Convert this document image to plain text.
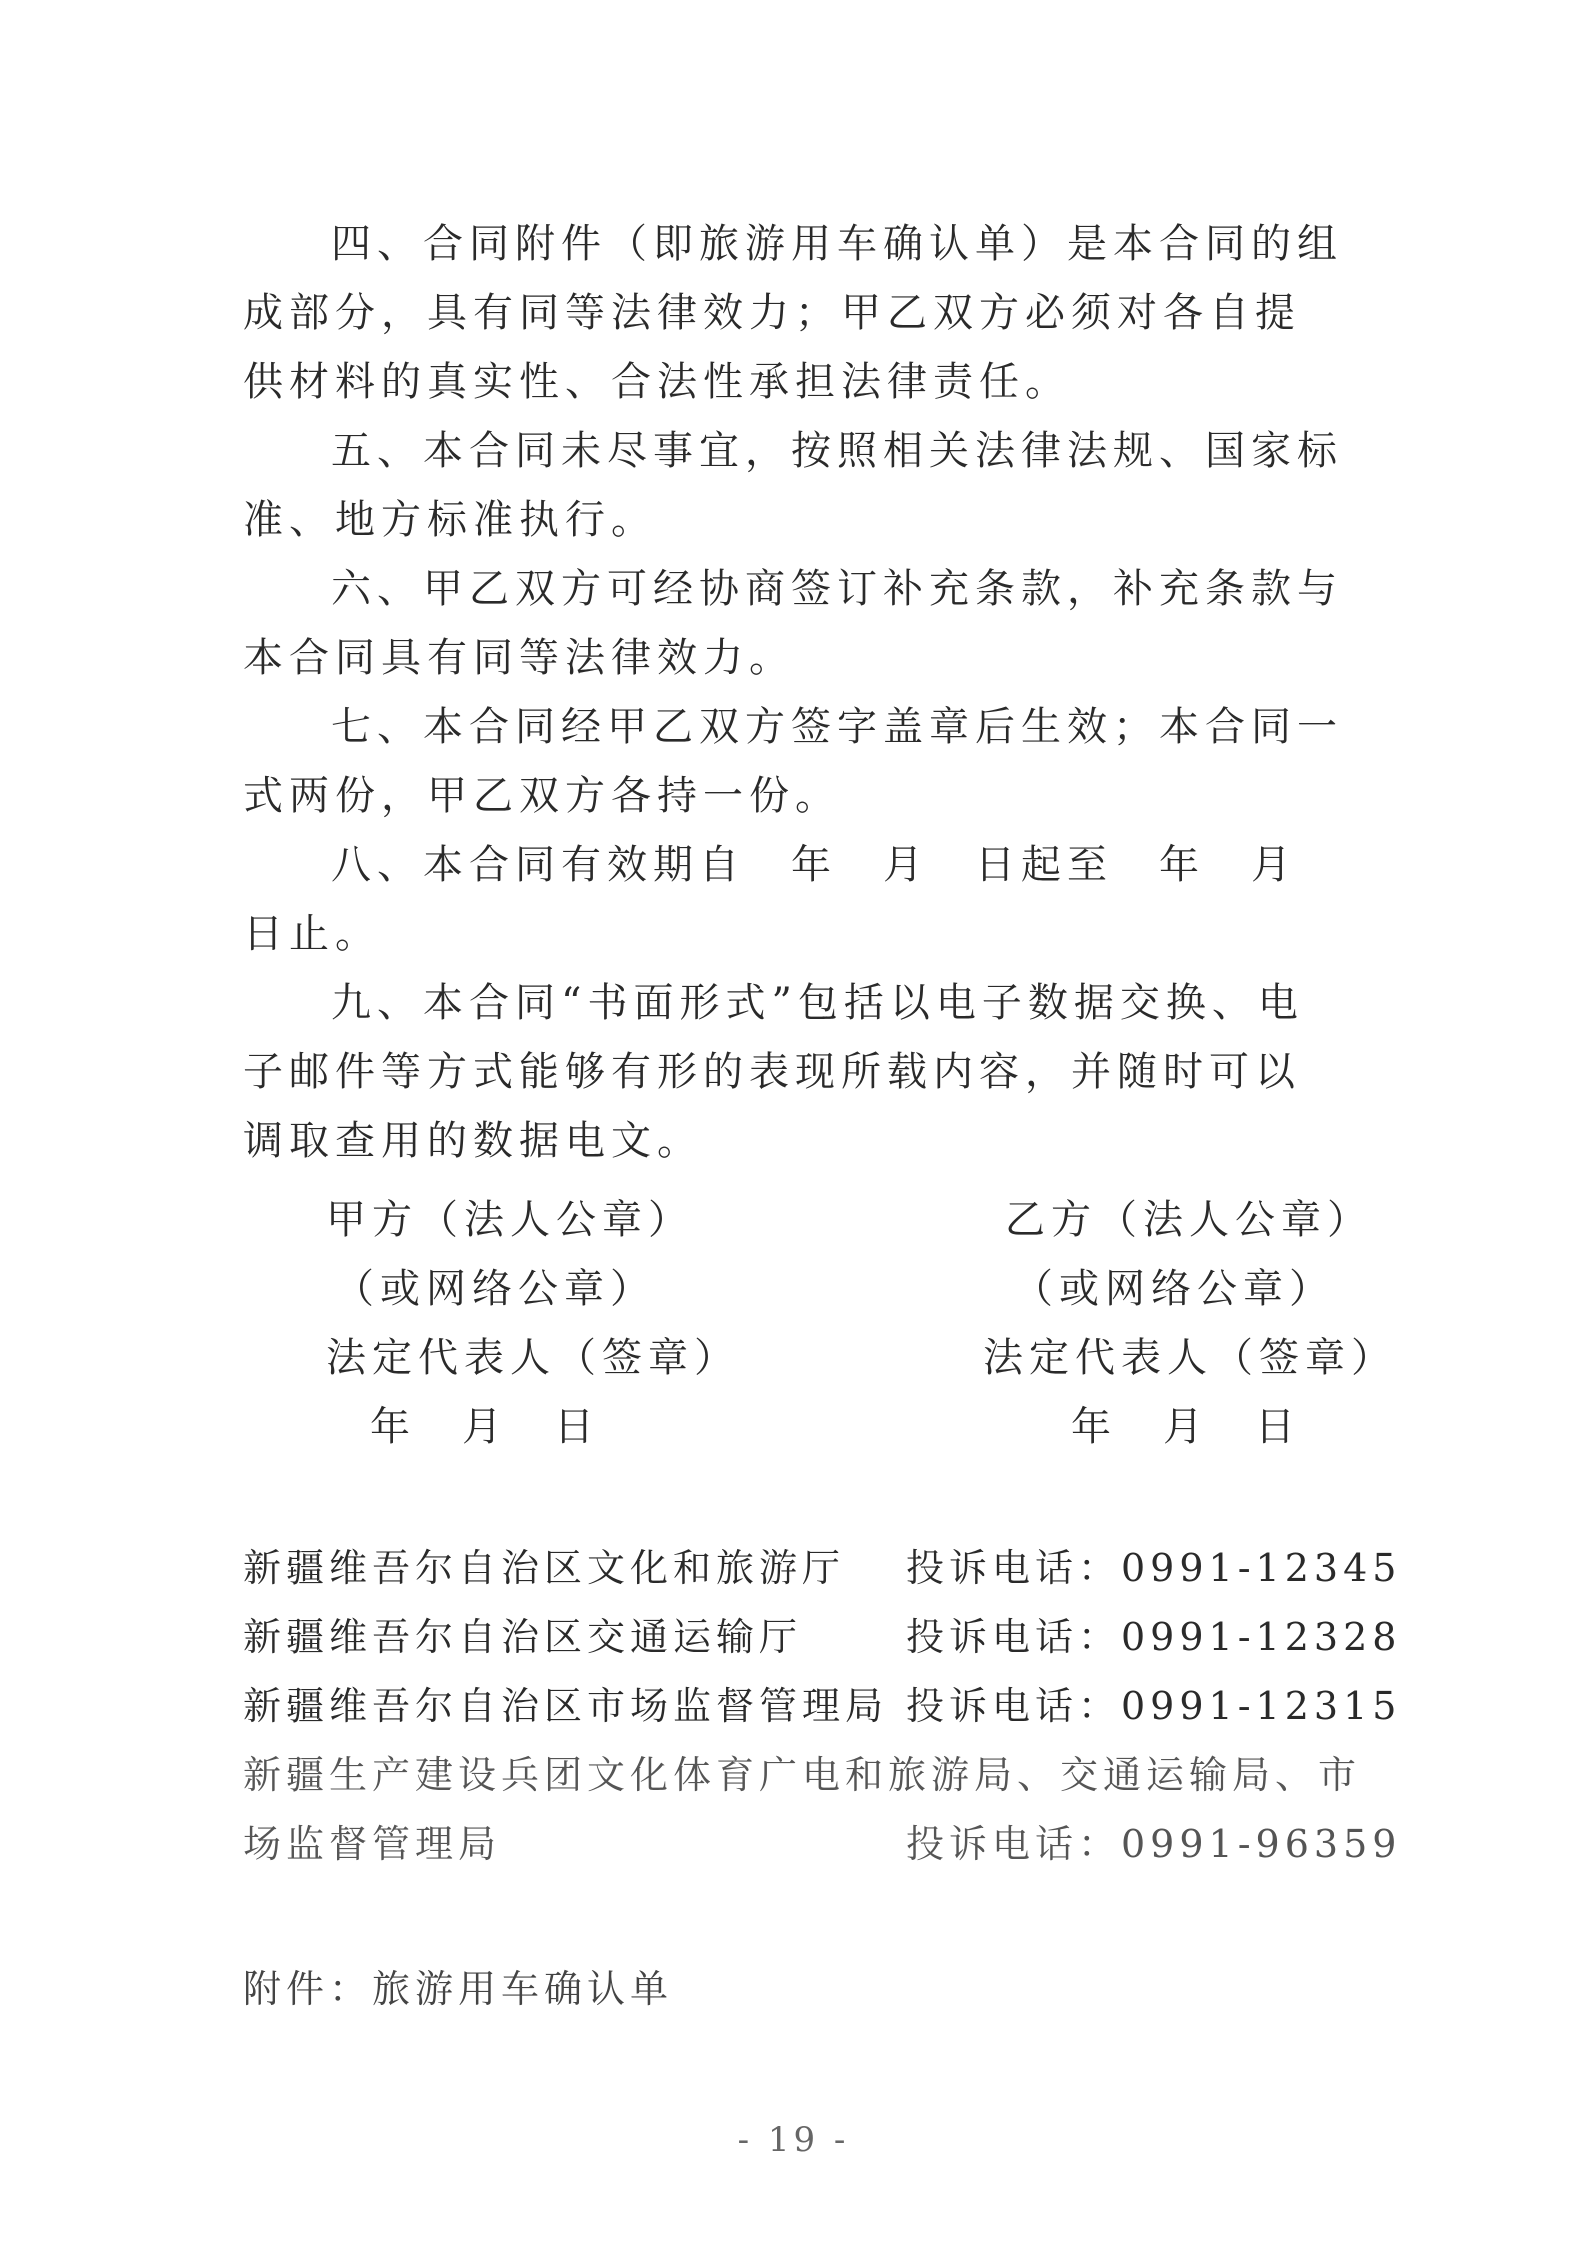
四、合同附件（即旅游用车确认单）是本合同的组成部分，具有同等法律效力；甲乙双方必须对各自提供材料的真实性、合法性承担法律责任。

五、本合同未尽事宜，按照相关法律法规、国家标准、地方标准执行。

六、甲乙双方可经协商签订补充条款，补充条款与本合同具有同等法律效力。

七、本合同经甲乙双方签字盖章后生效；本合同一式两份，甲乙双方各持一份。

八、本合同有效期自　年　月　日起至　年　月　日止。

九、本合同“书面形式”包括以电子数据交换、电子邮件等方式能够有形的表现所载内容，并随时可以调取查用的数据电文。

甲方（法人公章）
（或网络公章）
法定代表人（签章）
年　月　日
乙方（法人公章）
（或网络公章）
法定代表人（签章）
年　月　日
新疆维吾尔自治区文化和旅游厅 投诉电话：0991-12345
新疆维吾尔自治区交通运输厅	投诉电话：0991-12328
新疆维吾尔自治区市场监督管理局 投诉电话：0991-12315
新疆生产建设兵团文化体育广电和旅游局、交通运输局、市
场监督管理局	投诉电话：0991-96359
附件：旅游用车确认单
- 19 -
